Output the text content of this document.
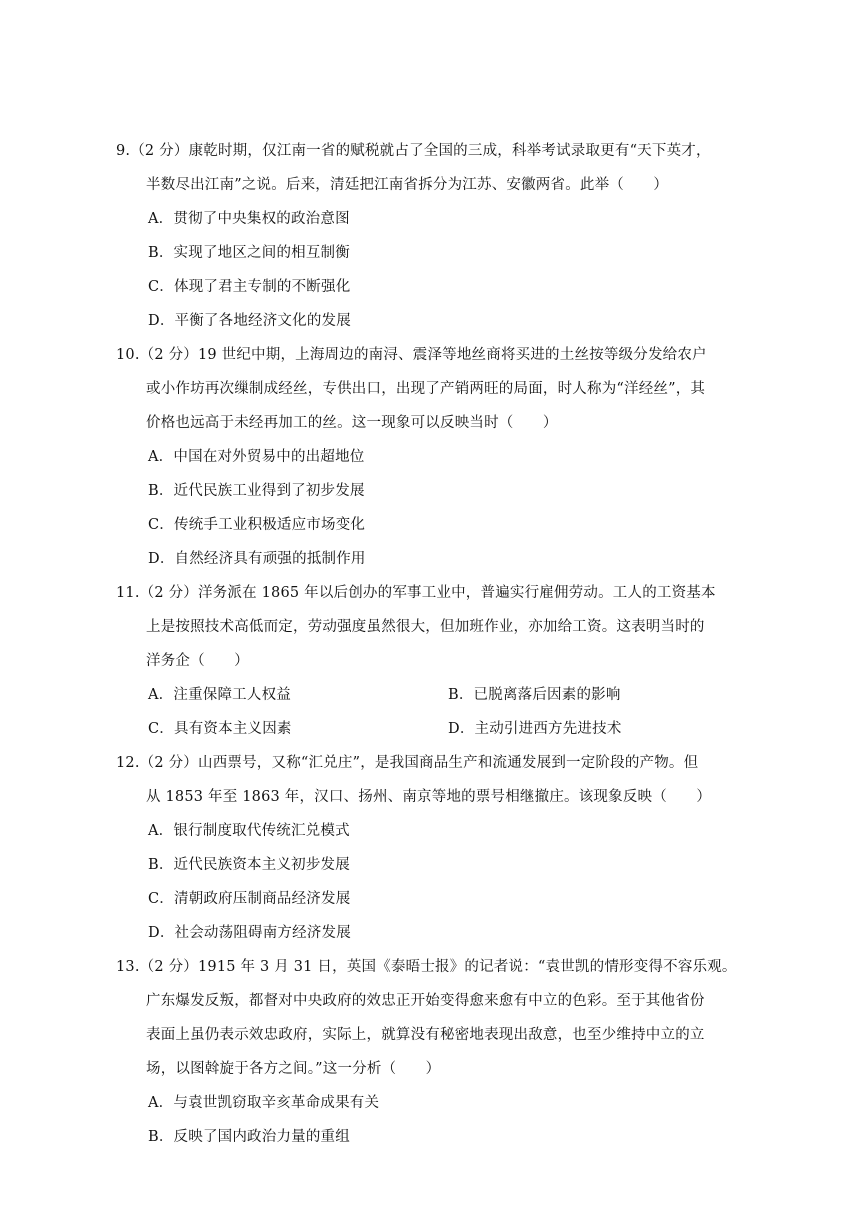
9.（2 分）康乾时期，仅江南一省的赋税就占了全国的三成，科举考试录取更有“天下英才，
半数尽出江南”之说。后来，清廷把江南省拆分为江苏、安徽两省。此举（　　）
A．贯彻了中央集权的政治意图
B．实现了地区之间的相互制衡
C．体现了君主专制的不断强化
D．平衡了各地经济文化的发展
10.（2 分）19 世纪中期，上海周边的南浔、震泽等地丝商将买进的土丝按等级分发给农户
或小作坊再次缫制成经丝，专供出口，出现了产销两旺的局面，时人称为“洋经丝”，其
价格也远高于未经再加工的丝。这一现象可以反映当时（　　）
A．中国在对外贸易中的出超地位
B．近代民族工业得到了初步发展
C．传统手工业积极适应市场变化
D．自然经济具有顽强的抵制作用
11.（2 分）洋务派在 1865 年以后创办的军事工业中，普遍实行雇佣劳动。工人的工资基本
上是按照技术高低而定，劳动强度虽然很大，但加班作业，亦加给工资。这表明当时的
洋务企（　　）
A．注重保障工人权益	B．已脱离落后因素的影响
C．具有资本主义因素	D．主动引进西方先进技术
12.（2 分）山西票号，又称“汇兑庄”，是我国商品生产和流通发展到一定阶段的产物。但
从 1853 年至 1863 年，汉口、扬州、南京等地的票号相继撤庄。该现象反映（　　）
A．银行制度取代传统汇兑模式
B．近代民族资本主义初步发展
C．清朝政府压制商品经济发展
D．社会动荡阻碍南方经济发展
13.（2 分）1915 年 3 月 31 日，英国《泰晤士报》的记者说：“袁世凯的情形变得不容乐观。
广东爆发反叛，都督对中央政府的效忠正开始变得愈来愈有中立的色彩。至于其他省份
表面上虽仍表示效忠政府，实际上，就算没有秘密地表现出敌意，也至少维持中立的立
场，以图斡旋于各方之间。”这一分析（　　）
A．与袁世凯窃取辛亥革命成果有关
B．反映了国内政治力量的重组
